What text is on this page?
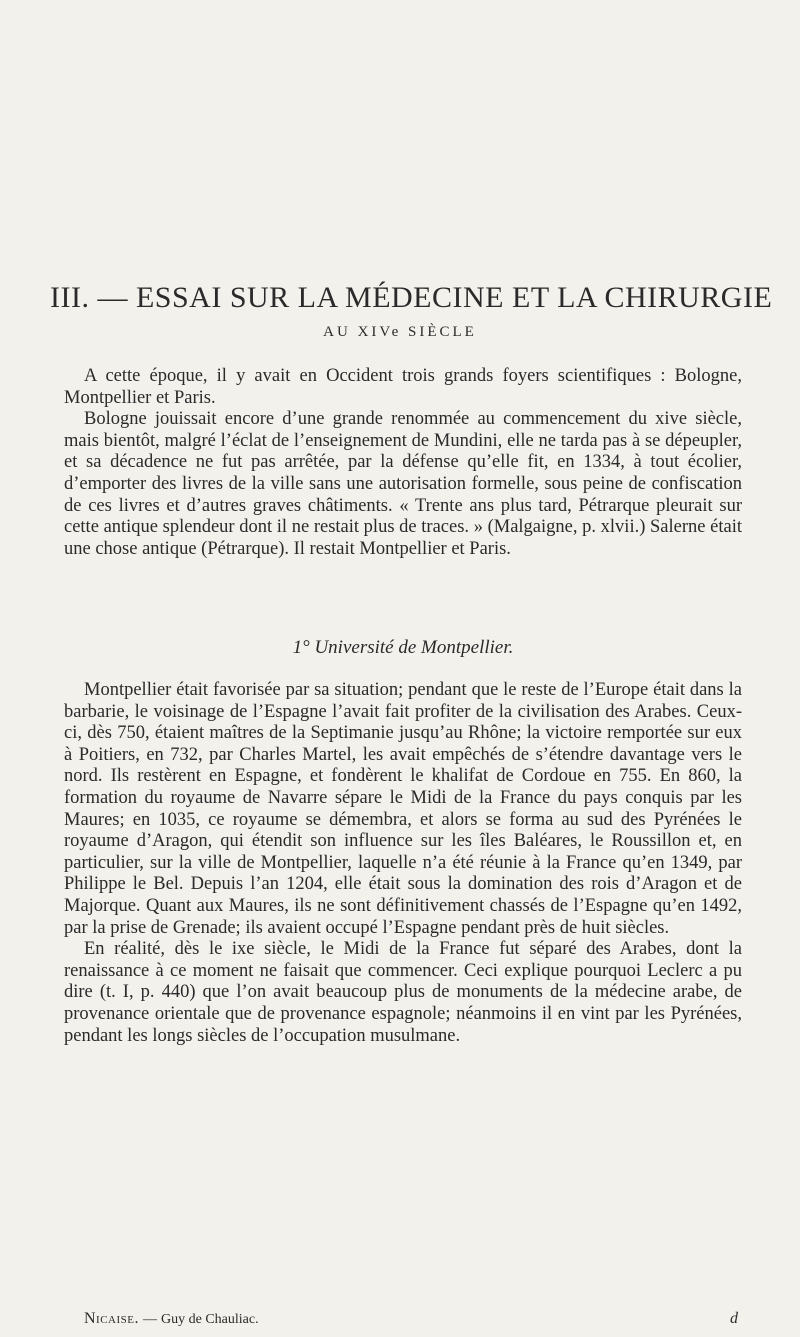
III. — ESSAI SUR LA MÉDECINE ET LA CHIRURGIE
AU XIVe SIÈCLE

A cette époque, il y avait en Occident trois grands foyers scientifiques : Bologne, Montpellier et Paris.

Bologne jouissait encore d’une grande renommée au commencement du xive siècle, mais bientôt, malgré l’éclat de l’enseignement de Mundini, elle ne tarda pas à se dépeupler, et sa décadence ne fut pas arrêtée, par la défense qu’elle fit, en 1334, à tout écolier, d’emporter des livres de la ville sans une autorisation formelle, sous peine de confiscation de ces livres et d’autres graves châtiments. « Trente ans plus tard, Pétrarque pleurait sur cette antique splendeur dont il ne restait plus de traces. » (Malgaigne, p. xlvii.) Salerne était une chose antique (Pétrarque). Il restait Montpellier et Paris.

1° Université de Montpellier.

Montpellier était favorisée par sa situation; pendant que le reste de l’Europe était dans la barbarie, le voisinage de l’Espagne l’avait fait profiter de la civilisation des Arabes. Ceux-ci, dès 750, étaient maîtres de la Septimanie jusqu’au Rhône; la victoire remportée sur eux à Poitiers, en 732, par Charles Martel, les avait empêchés de s’étendre davantage vers le nord. Ils restèrent en Espagne, et fondèrent le khalifat de Cordoue en 755. En 860, la formation du royaume de Navarre sépare le Midi de la France du pays conquis par les Maures; en 1035, ce royaume se démembra, et alors se forma au sud des Pyrénées le royaume d’Aragon, qui étendit son influence sur les îles Baléares, le Roussillon et, en particulier, sur la ville de Montpellier, laquelle n’a été réunie à la France qu’en 1349, par Philippe le Bel. Depuis l’an 1204, elle était sous la domination des rois d’Aragon et de Majorque. Quant aux Maures, ils ne sont définitivement chassés de l’Espagne qu’en 1492, par la prise de Grenade; ils avaient occupé l’Espagne pendant près de huit siècles.

En réalité, dès le ixe siècle, le Midi de la France fut séparé des Arabes, dont la renaissance à ce moment ne faisait que commencer. Ceci explique pourquoi Leclerc a pu dire (t. I, p. 440) que l’on avait beaucoup plus de monuments de la médecine arabe, de provenance orientale que de provenance espagnole; néanmoins il en vint par les Pyrénées, pendant les longs siècles de l’occupation musulmane.

Nicaise. — Guy de Chauliac.	d
